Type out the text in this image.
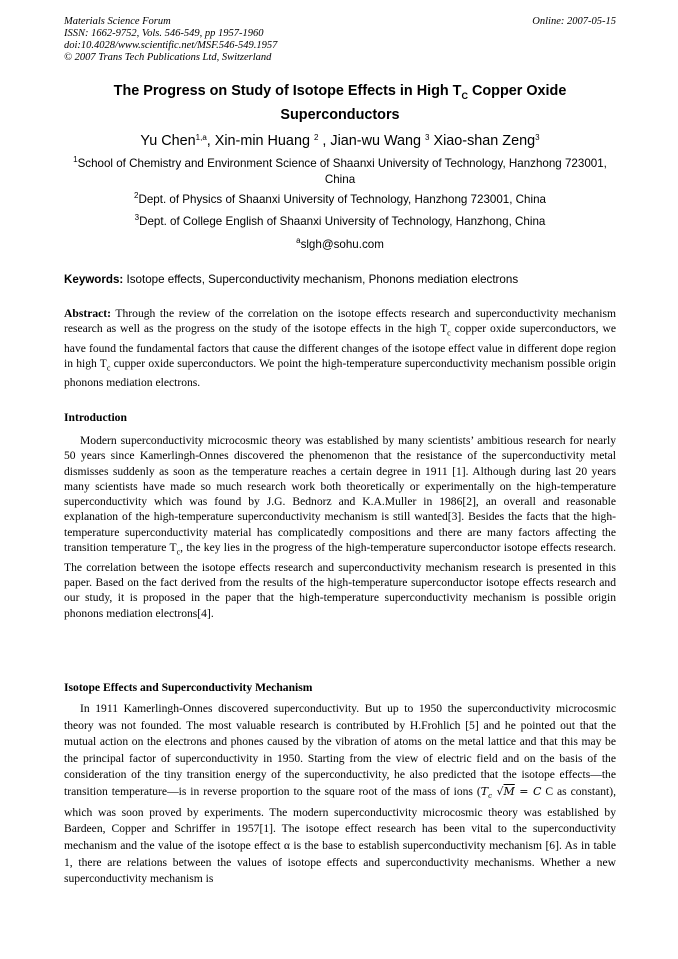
Materials Science Forum
ISSN: 1662-9752, Vols. 546-549, pp 1957-1960
doi:10.4028/www.scientific.net/MSF.546-549.1957
© 2007 Trans Tech Publications Ltd, Switzerland
Online: 2007-05-15
The Progress on Study of Isotope Effects in High $T_C$ Copper Oxide Superconductors
Yu Chen$^{1,a}$, Xin-min Huang $^2$ , Jian-wu Wang $^3$ Xiao-shan Zeng$^3$
$^1$School of Chemistry and Environment Science of Shaanxi University of Technology, Hanzhong 723001, China
$^2$Dept. of Physics of Shaanxi University of Technology, Hanzhong 723001, China
$^3$Dept. of College English of Shaanxi University of Technology, Hanzhong, China
$^a$slgh@sohu.com
Keywords: Isotope effects, Superconductivity mechanism, Phonons mediation electrons
Abstract: Through the review of the correlation on the isotope effects research and superconductivity mechanism research as well as the progress on the study of the isotope effects in the high $T_c$ copper oxide superconductors, we have found the fundamental factors that cause the different changes of the isotope effect value in different dope region in high $T_c$ cupper oxide superconductors. We point the high-temperature superconductivity mechanism possible origin phonons mediation electrons.
Introduction
Modern superconductivity microcosmic theory was established by many scientists’ ambitious research for nearly 50 years since Kamerlingh-Onnes discovered the phenomenon that the resistance of the superconductivity metal dismisses suddenly as soon as the temperature reaches a certain degree in 1911 [1]. Although during last 20 years many scientists have made so much research work both theoretically or experimentally on the high-temperature superconductivity which was found by J.G. Bednorz and K.A.Muller in 1986[2], an overall and reasonable explanation of the high-temperature superconductivity mechanism is still wanted[3]. Besides the facts that the high-temperature superconductivity material has complicatedly compositions and there are many factors affecting the transition temperature $T_c$, the key lies in the progress of the high-temperature superconductor isotope effects research. The correlation between the isotope effects research and superconductivity mechanism research is presented in this paper. Based on the fact derived from the results of the high-temperature superconductor isotope effects research and our study, it is proposed in the paper that the high-temperature superconductivity mechanism is possible origin phonons mediation electrons[4].
Isotope Effects and Superconductivity Mechanism
In 1911 Kamerlingh-Onnes discovered superconductivity. But up to 1950 the superconductivity microcosmic theory was not founded. The most valuable research is contributed by H.Frohlich [5] and he pointed out that the mutual action on the electrons and phones caused by the vibration of atoms on the metal lattice and that this may be the principal factor of superconductivity in 1950. Starting from the view of electric field and on the basis of the consideration of the tiny transition energy of the superconductivity, he also predicted that the isotope effects—the transition temperature—is in reverse proportion to the square root of the mass of ions ($T_c$ √M = C C as constant), which was soon proved by experiments. The modern superconductivity microcosmic theory was established by Bardeen, Copper and Schriffer in 1957[1]. The isotope effect research has been vital to the superconductivity mechanism and the value of the isotope effect α is the base to establish superconductivity mechanism [6]. As in table 1, there are relations between the values of isotope effects and superconductivity mechanisms. Whether a new superconductivity mechanism is
